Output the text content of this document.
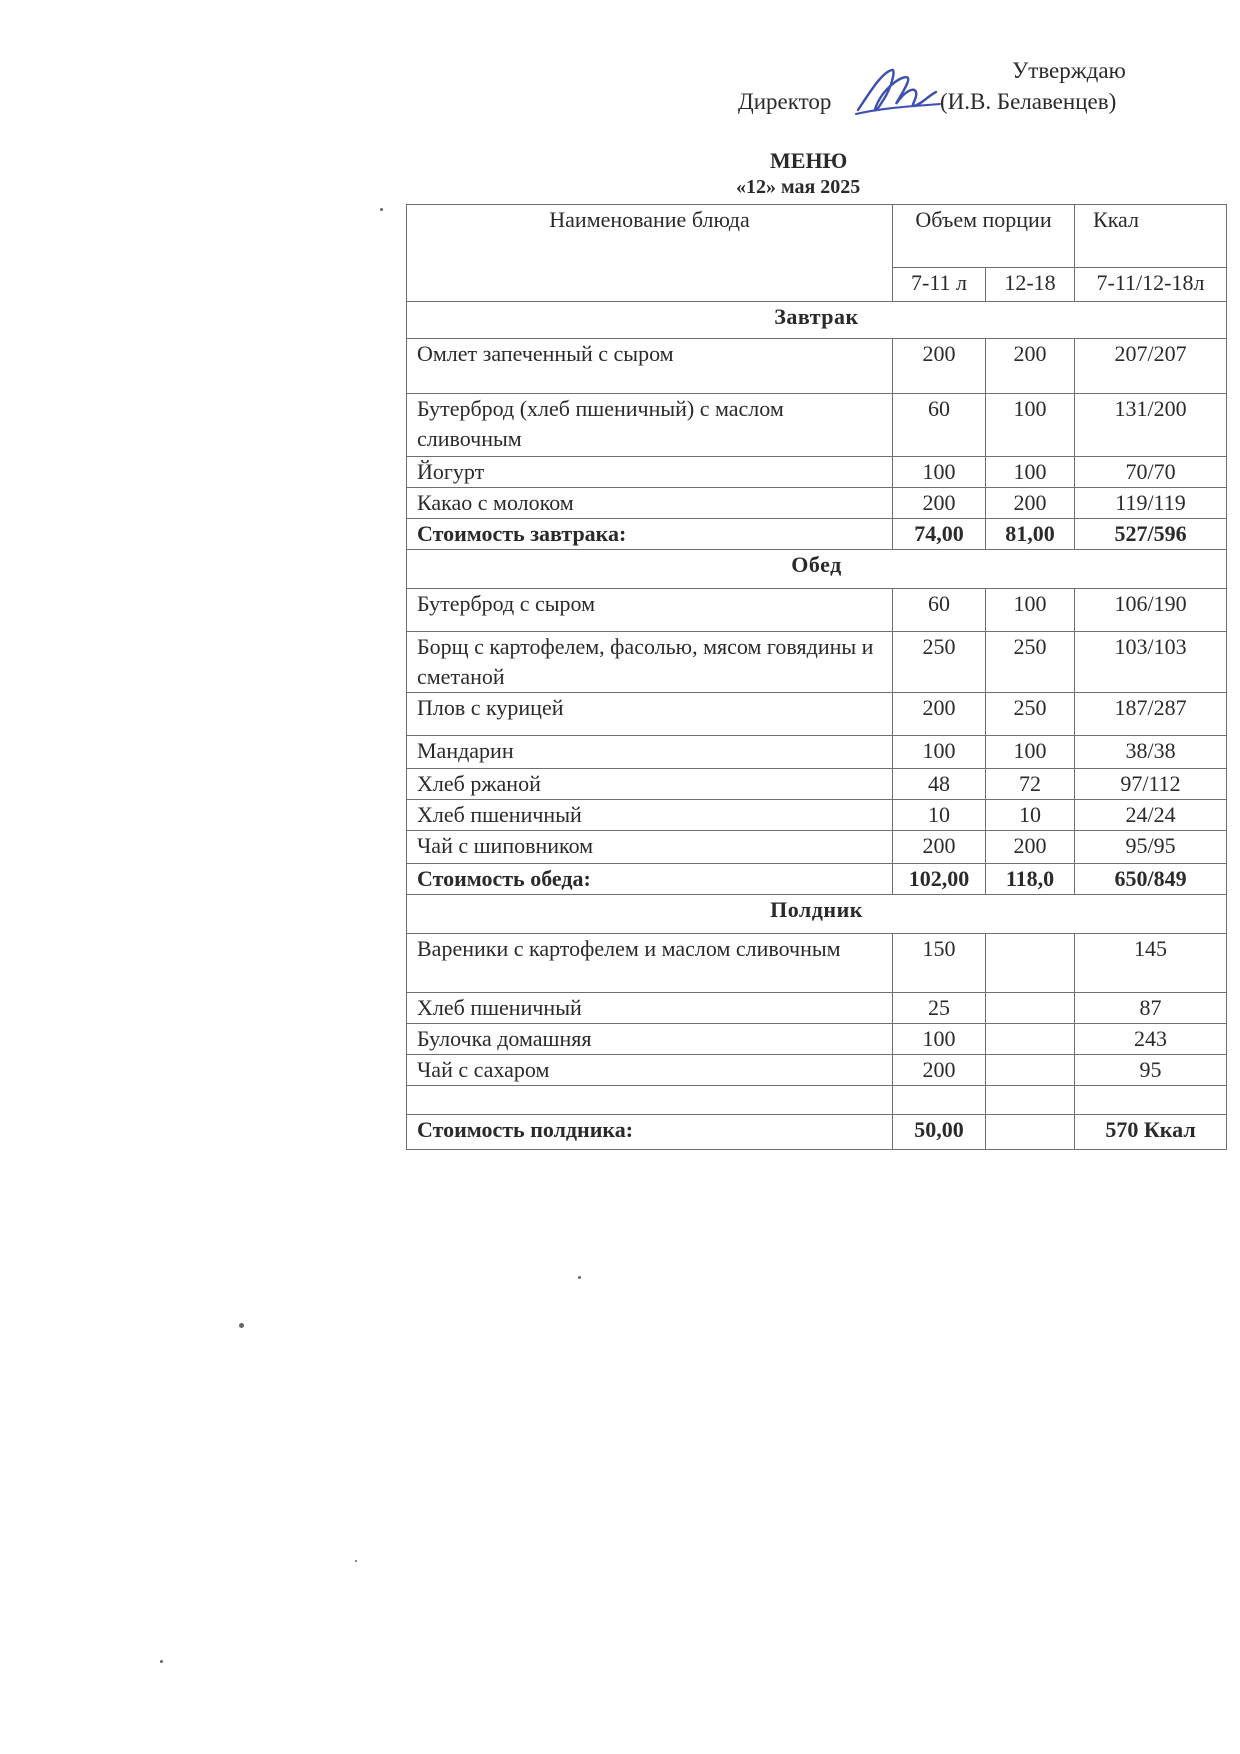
Утверждаю
Директор	(И.В. Белавенцев)
МЕНЮ
«12» мая 2025
Наименование блюда	Объем порции		Ккал
	7-11 л	12-18	7-11/12-18л
Завтрак			
Омлет запеченный с сыром	200	200	207/207
Бутерброд (хлеб пшеничный) с маслом сливочным	60	100	131/200
Йогурт	100	100	70/70
Какао с молоком	200	200	119/119
Стоимость завтрака:	74,00	81,00	527/596
Обед			
Бутерброд с сыром	60	100	106/190
Борщ с картофелем, фасолью, мясом говядины и сметаной	250	250	103/103
Плов с курицей	200	250	187/287
Мандарин	100	100	38/38
Хлеб ржаной	48	72	97/112
Хлеб пшеничный	10	10	24/24
Чай с шиповником	200	200	95/95
Стоимость обеда:	102,00	118,0	650/849
Полдник			
Вареники с картофелем и маслом сливочным	150		145
Хлеб пшеничный	25		87
Булочка домашняя	100		243
Чай с сахаром	200		95

Стоимость полдника:	50,00		570 Ккал
